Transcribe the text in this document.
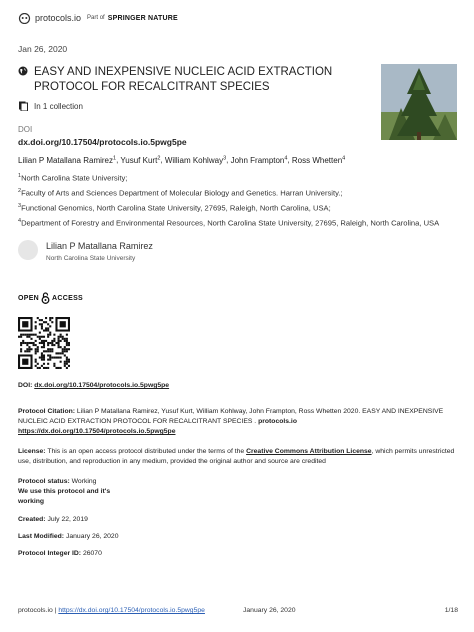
protocols.io Part of SPRINGER NATURE
Jan 26, 2020
EASY AND INEXPENSIVE NUCLEIC ACID EXTRACTION PROTOCOL FOR RECALCITRANT SPECIES
In 1 collection
DOI
dx.doi.org/10.17504/protocols.io.5pwg5pe
Lilian P Matallana Ramirez$^1$, Yusuf Kurt$^2$, William Kohlway$^3$, John Frampton$^4$, Ross Whetten$^4$
$^1$North Carolina State University;
$^2$Faculty of Arts and Sciences Department of Molecular Biology and Genetics. Harran University.;
$^3$Functional Genomics, North Carolina State University, 27695, Raleigh, North Carolina, USA;
$^4$Department of Forestry and Environmental Resources, North Carolina State University, 27695, Raleigh, North Carolina, USA
Lilian P Matallana Ramirez
North Carolina State University
OPEN ACCESS
DOI: dx.doi.org/10.17504/protocols.io.5pwg5pe
Protocol Citation: Lilian P Matallana Ramirez, Yusuf Kurt, William Kohlway, John Frampton, Ross Whetten 2020. EASY AND INEXPENSIVE NUCLEIC ACID EXTRACTION PROTOCOL FOR RECALCITRANT SPECIES . protocols.io
https://dx.doi.org/10.17504/protocols.io.5pwg5pe
License: This is an open access protocol distributed under the terms of the Creative Commons Attribution License, which permits unrestricted use, distribution, and reproduction in any medium, provided the original author and source are credited
Protocol status: Working
We use this protocol and it's
working
Created: July 22, 2019
Last Modified: January 26, 2020
Protocol Integer ID: 26070
protocols.io
|
https://dx.doi.org/10.17504/protocols.io.5pwg5pe	January 26, 2020	1/18
